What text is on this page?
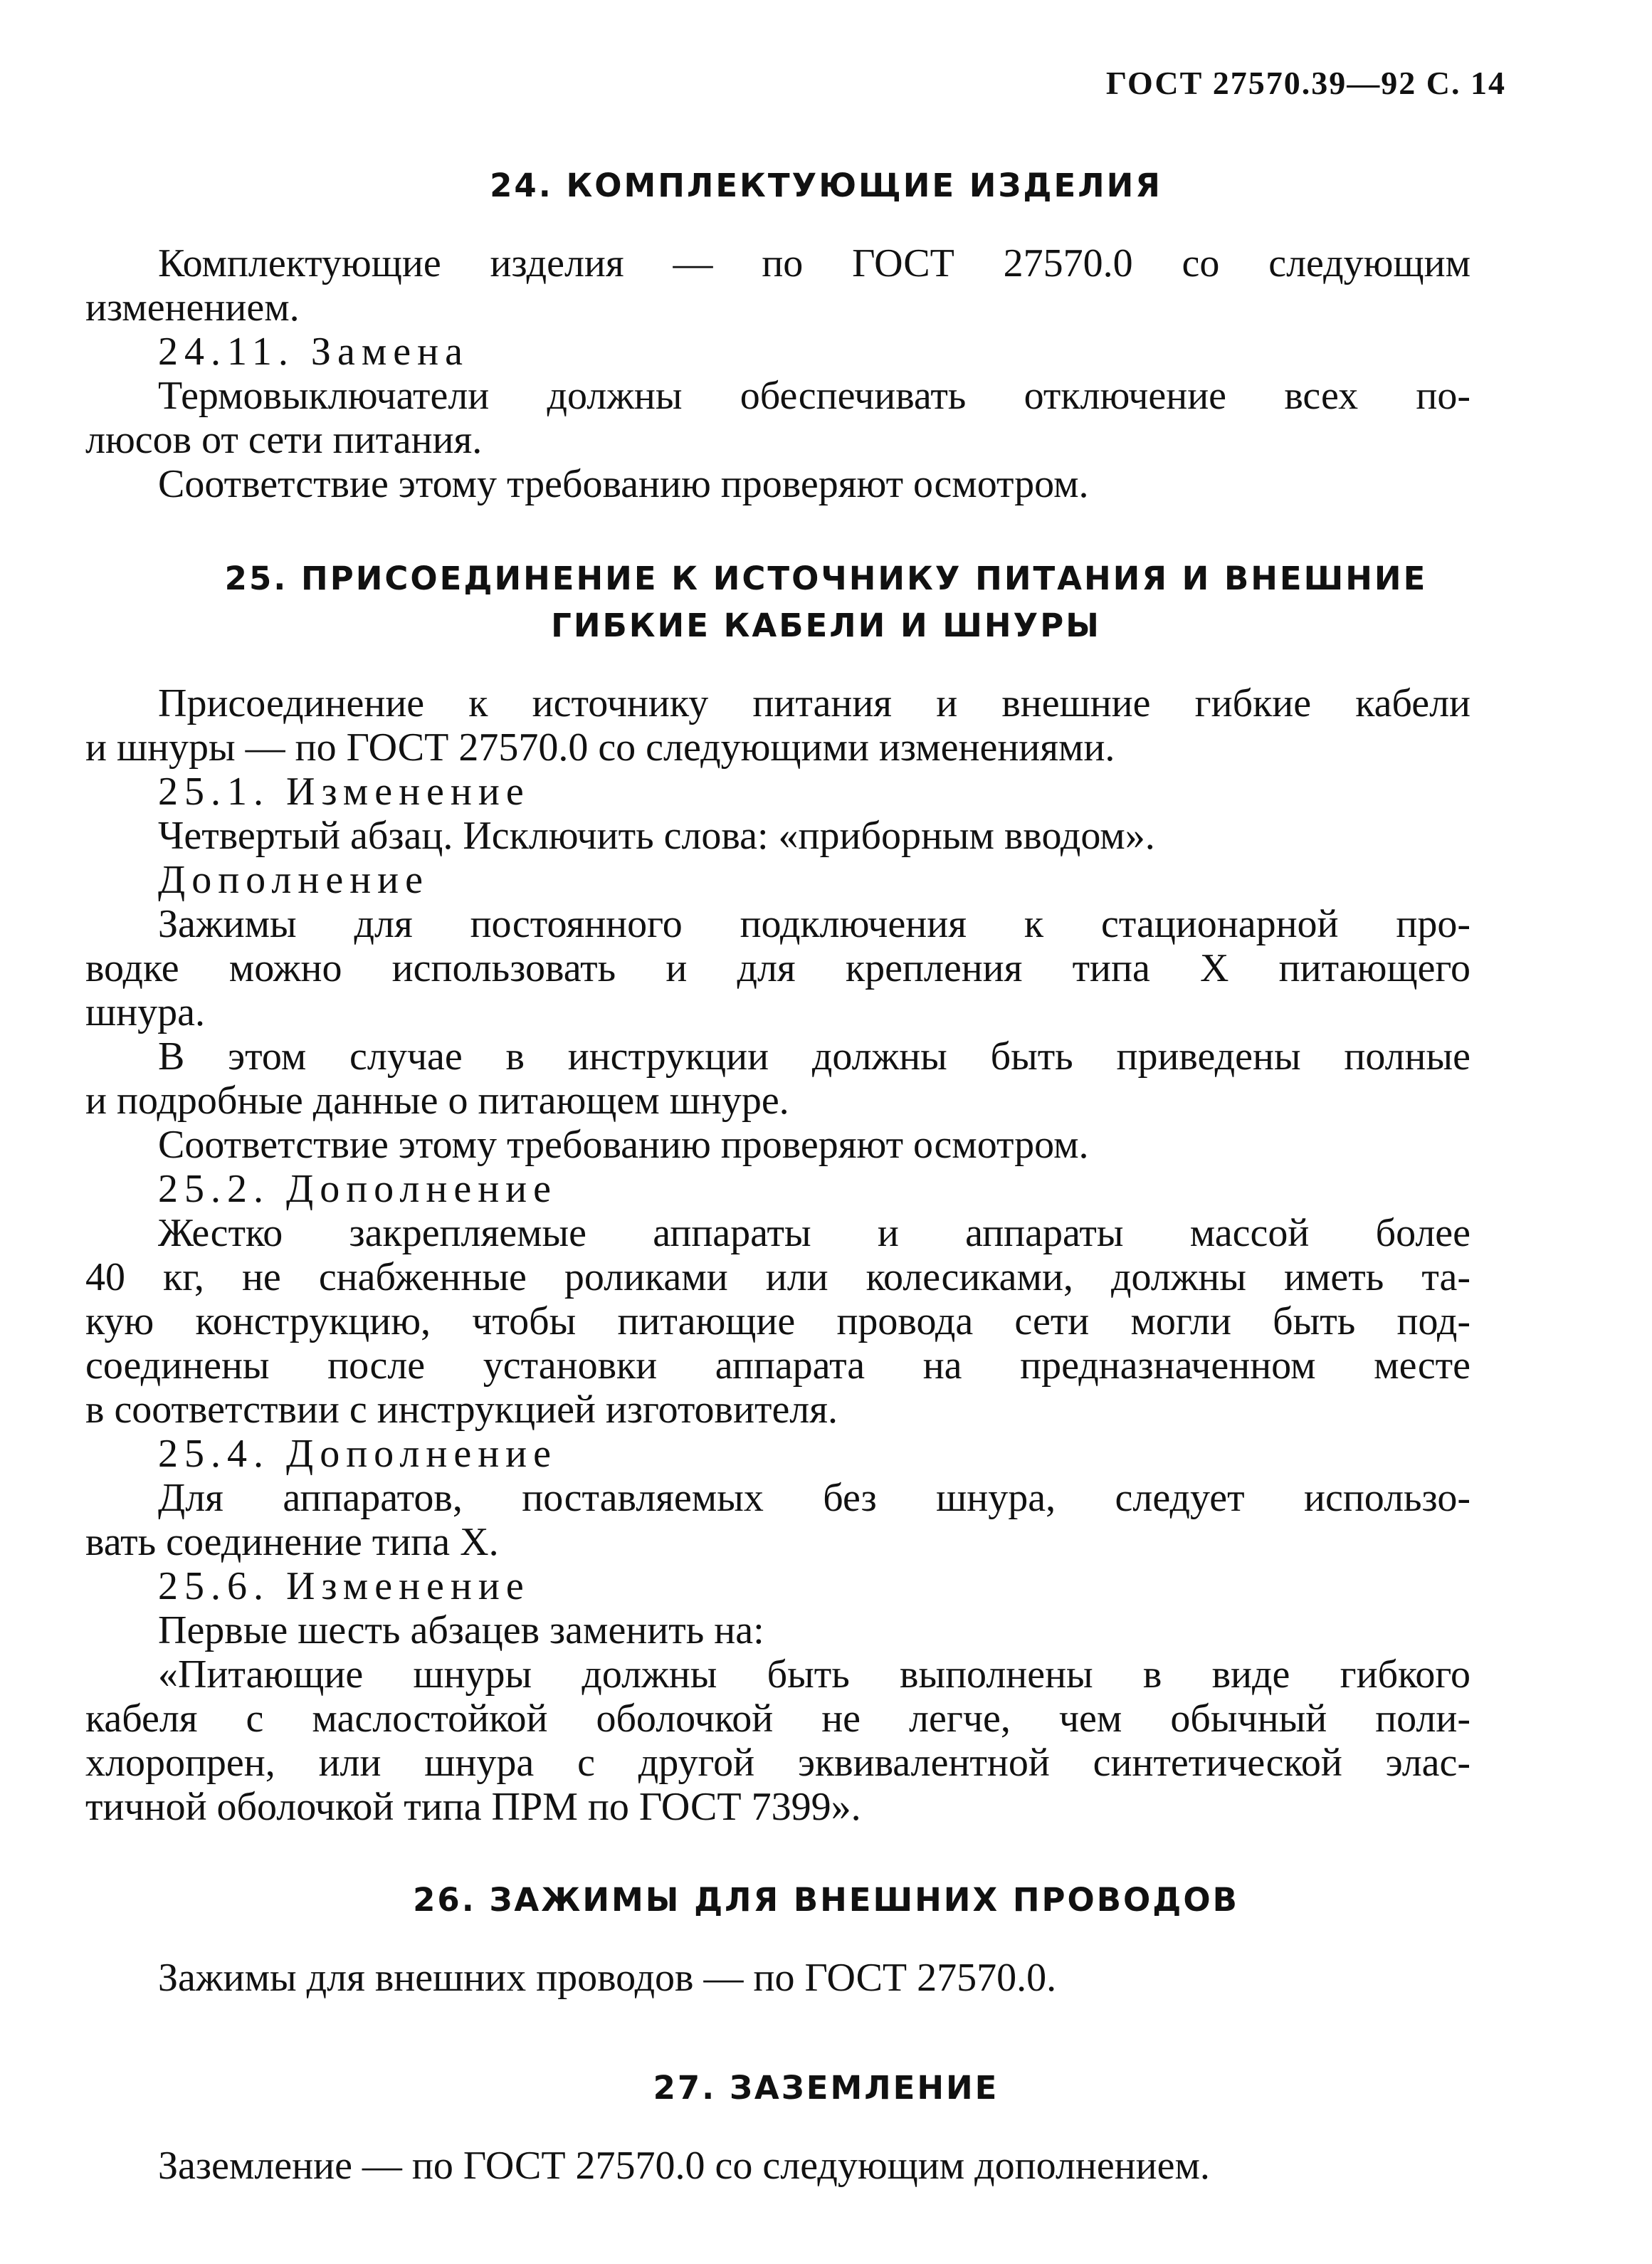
ГОСТ 27570.39—92 С. 14
24. КОМПЛЕКТУЮЩИЕ ИЗДЕЛИЯ
Комплектующие изделия — по ГОСТ 27570.0 со следующим
изменением.
24.11. Замена
Термовыключатели должны обеспечивать отключение всех по-
люсов от сети питания.
Соответствие этому требованию проверяют осмотром.
25. ПРИСОЕДИНЕНИЕ К ИСТОЧНИКУ ПИТАНИЯ И ВНЕШНИЕ
ГИБКИЕ КАБЕЛИ И ШНУРЫ
Присоединение к источнику питания и внешние гибкие кабели
и шнуры — по ГОСТ 27570.0 со следующими изменениями.
25.1. Изменение
Четвертый абзац. Исключить слова: «приборным вводом».
Дополнение
Зажимы для постоянного подключения к стационарной про-
водке можно использовать и для крепления типа X питающего
шнура.
В этом случае в инструкции должны быть приведены полные
и подробные данные о питающем шнуре.
Соответствие этому требованию проверяют осмотром.
25.2. Дополнение
Жестко закрепляемые аппараты и аппараты массой более
40 кг, не снабженные роликами или колесиками, должны иметь та-
кую конструкцию, чтобы питающие провода сети могли быть под-
соединены после установки аппарата на предназначенном месте
в соответствии с инструкцией изготовителя.
25.4. Дополнение
Для аппаратов, поставляемых без шнура, следует использо-
вать соединение типа X.
25.6. Изменение
Первые шесть абзацев заменить на:
«Питающие шнуры должны быть выполнены в виде гибкого
кабеля с маслостойкой оболочкой не легче, чем обычный поли-
хлоропрен, или шнура с другой эквивалентной синтетической элас-
тичной оболочкой типа ПРМ по ГОСТ 7399».
26. ЗАЖИМЫ ДЛЯ ВНЕШНИХ ПРОВОДОВ
Зажимы для внешних проводов — по ГОСТ 27570.0.
27. ЗАЗЕМЛЕНИЕ
Заземление — по ГОСТ 27570.0 со следующим дополнением.
